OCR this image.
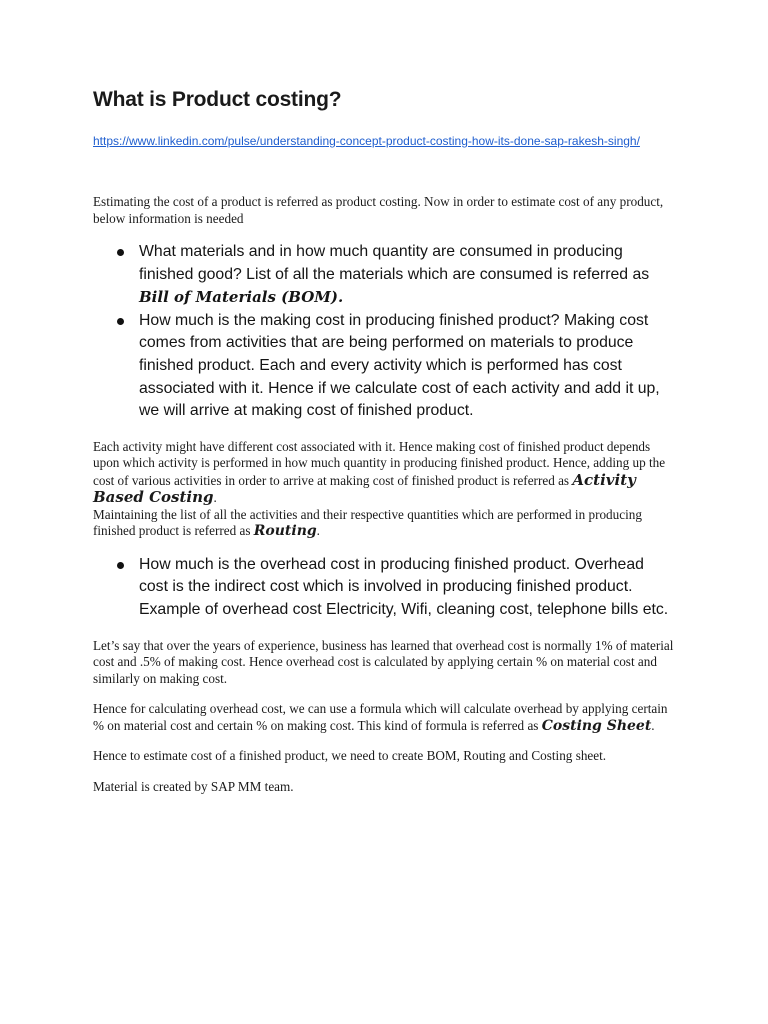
What is Product costing?
https://www.linkedin.com/pulse/understanding-concept-product-costing-how-its-done-sap-rakesh-singh/

Estimating the cost of a product is referred as product costing. Now in order to estimate cost of any product, below information is needed

What materials and in how much quantity are consumed in producing finished good? List of all the materials which are consumed is referred as Bill of Materials (BOM).
How much is the making cost in producing finished product? Making cost comes from activities that are being performed on materials to produce finished product. Each and every activity which is performed has cost associated with it. Hence if we calculate cost of each activity and add it up, we will arrive at making cost of finished product.

Each activity might have different cost associated with it. Hence making cost of finished product depends upon which activity is performed in how much quantity in producing finished product. Hence, adding up the cost of various activities in order to arrive at making cost of finished product is referred as Activity Based Costing.
Maintaining the list of all the activities and their respective quantities which are performed in producing finished product is referred as Routing.

How much is the overhead cost in producing finished product. Overhead cost is the indirect cost which is involved in producing finished product. Example of overhead cost Electricity, Wifi, cleaning cost, telephone bills etc.

Let’s say that over the years of experience, business has learned that overhead cost is normally 1% of material cost and .5% of making cost. Hence overhead cost is calculated by applying certain % on material cost and similarly on making cost.

Hence for calculating overhead cost, we can use a formula which will calculate overhead by applying certain % on material cost and certain % on making cost. This kind of formula is referred as Costing Sheet.

Hence to estimate cost of a finished product, we need to create BOM, Routing and Costing sheet.

Material is created by SAP MM team.
